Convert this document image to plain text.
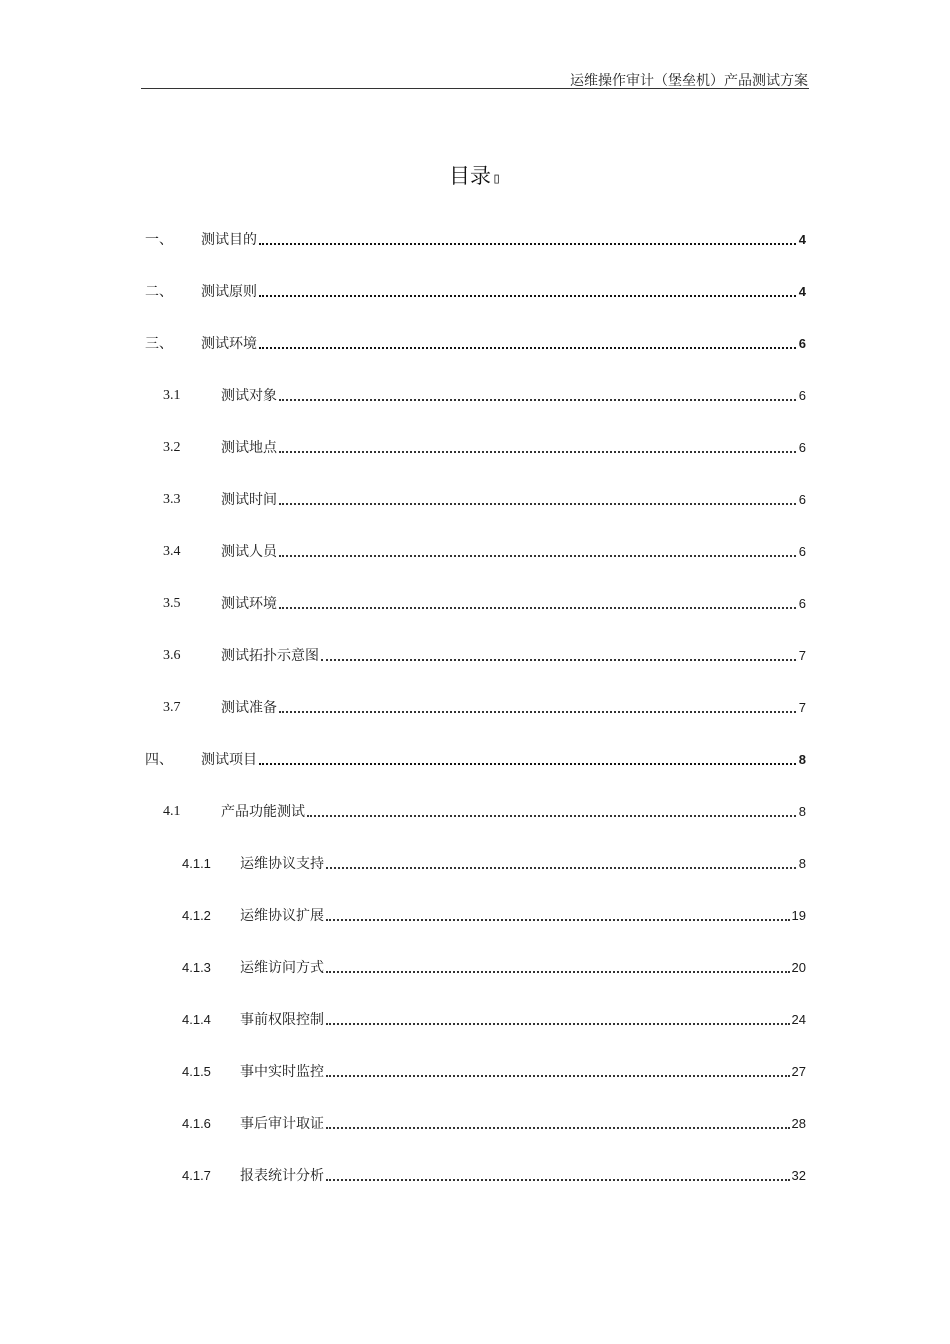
运维操作审计（堡垒机）产品测试方案
目录▯
一、	测试目的	4
二、	测试原则	4
三、	测试环境	6
3.1	测试对象	6
3.2	测试地点	6
3.3	测试时间	6
3.4	测试人员	6
3.5	测试环境	6
3.6	测试拓扑示意图	7
3.7	测试准备	7
四、	测试项目	8
4.1	产品功能测试	8
4.1.1	运维协议支持	8
4.1.2	运维协议扩展	19
4.1.3	运维访问方式	20
4.1.4	事前权限控制	24
4.1.5	事中实时监控	27
4.1.6	事后审计取证	28
4.1.7	报表统计分析	32
